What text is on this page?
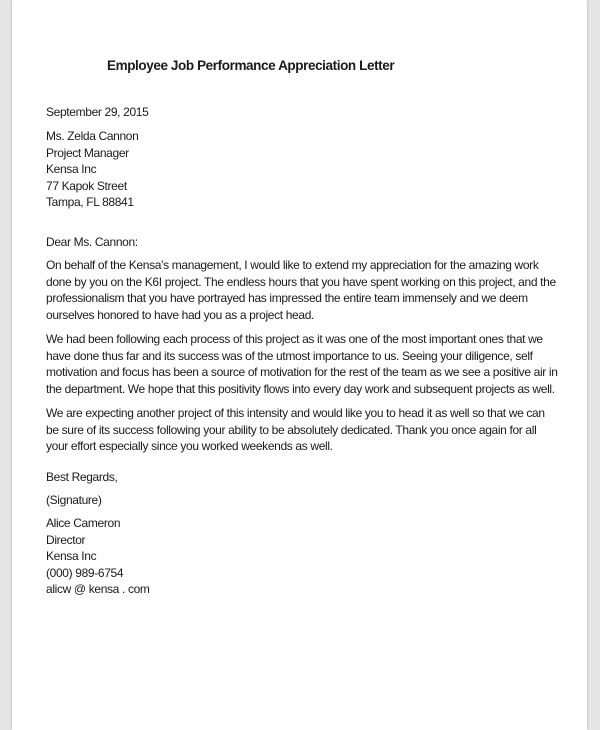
Employee Job Performance Appreciation Letter
September 29, 2015
Ms. Zelda Cannon
Project Manager
Kensa Inc
77 Kapok Street
Tampa, FL 88841
Dear Ms. Cannon:

On behalf of the Kensa’s management, I would like to extend my appreciation for the amazing work done by you on the K6I project. The endless hours that you have spent working on this project, and the professionalism that you have portrayed has impressed the entire team immensely and we deem ourselves honored to have had you as a project head.

We had been following each process of this project as it was one of the most important ones that we have done thus far and its success was of the utmost importance to us. Seeing your diligence, self motivation and focus has been a source of motivation for the rest of the team as we see a positive air in the department. We hope that this positivity flows into every day work and subsequent projects as well.

We are expecting another project of this intensity and would like you to head it as well so that we can be sure of its success following your ability to be absolutely dedicated. Thank you once again for all your effort especially since you worked weekends as well.

Best Regards,
(Signature)
Alice Cameron
Director
Kensa Inc
(000) 989-6754
alicw @ kensa . com
